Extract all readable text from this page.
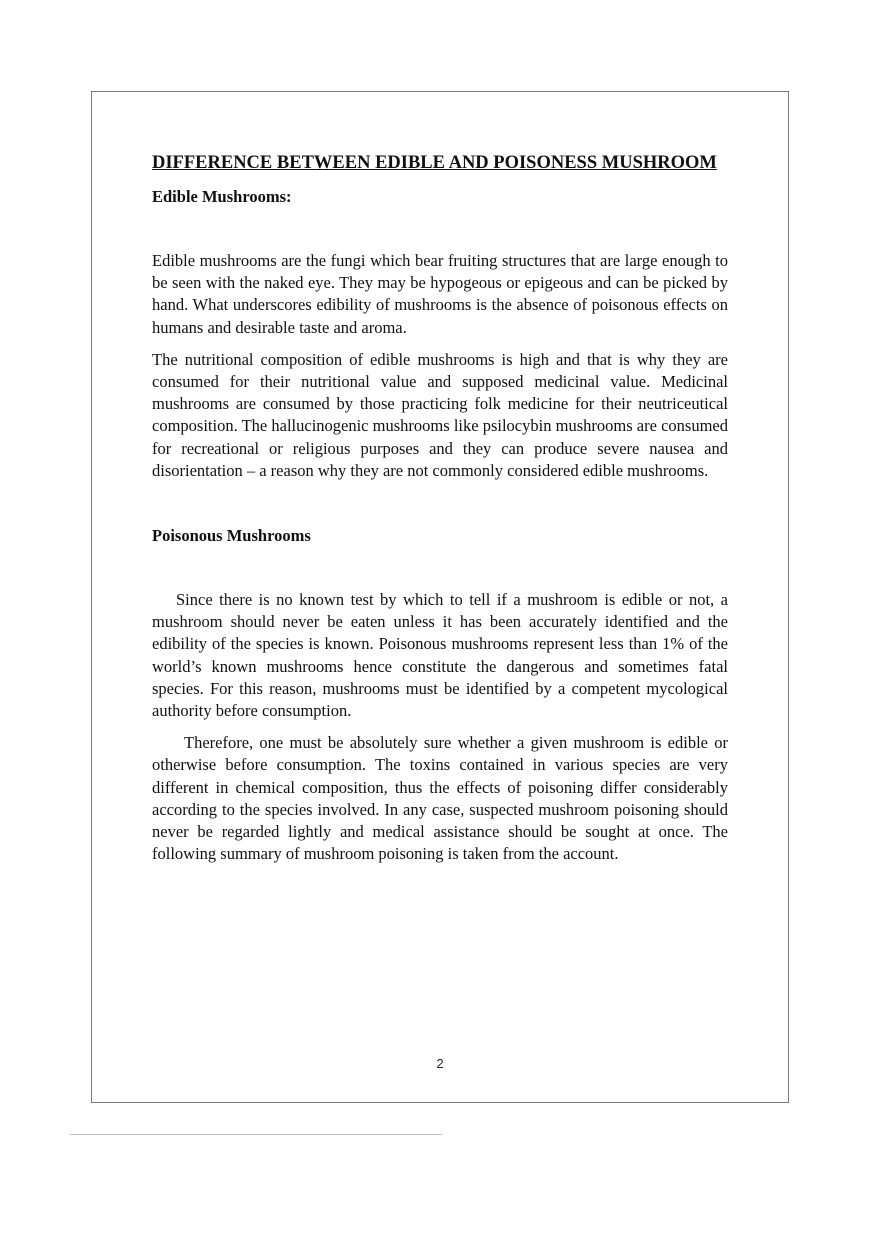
DIFFERENCE BETWEEN EDIBLE AND POISONESS MUSHROOM
Edible Mushrooms:

Edible mushrooms are the fungi which bear fruiting structures that are large enough to be seen with the naked eye. They may be hypogeous or epigeous and can be picked by hand. What underscores edibility of mushrooms is the absence of poisonous effects on humans and desirable taste and aroma.

The nutritional composition of edible mushrooms is high and that is why they are consumed for their nutritional value and supposed medicinal value. Medicinal mushrooms are consumed by those practicing folk medicine for their neutriceutical composition. The hallucinogenic mushrooms like psilocybin mushrooms are consumed for recreational or religious purposes and they can produce severe nausea and disorientation – a reason why they are not commonly considered edible mushrooms.

Poisonous Mushrooms

Since there is no known test by which to tell if a mushroom is edible or not, a mushroom should never be eaten unless it has been accurately identified and the edibility of the species is known. Poisonous mushrooms represent less than 1% of the world’s known mushrooms hence constitute the dangerous and sometimes fatal species. For this reason, mushrooms must be identified by a competent mycological authority before consumption.

Therefore, one must be absolutely sure whether a given mushroom is edible or otherwise before consumption. The toxins contained in various species are very different in chemical composition, thus the effects of poisoning differ considerably according to the species involved. In any case, suspected mushroom poisoning should never be regarded lightly and medical assistance should be sought at once. The following summary of mushroom poisoning is taken from the account.

2
